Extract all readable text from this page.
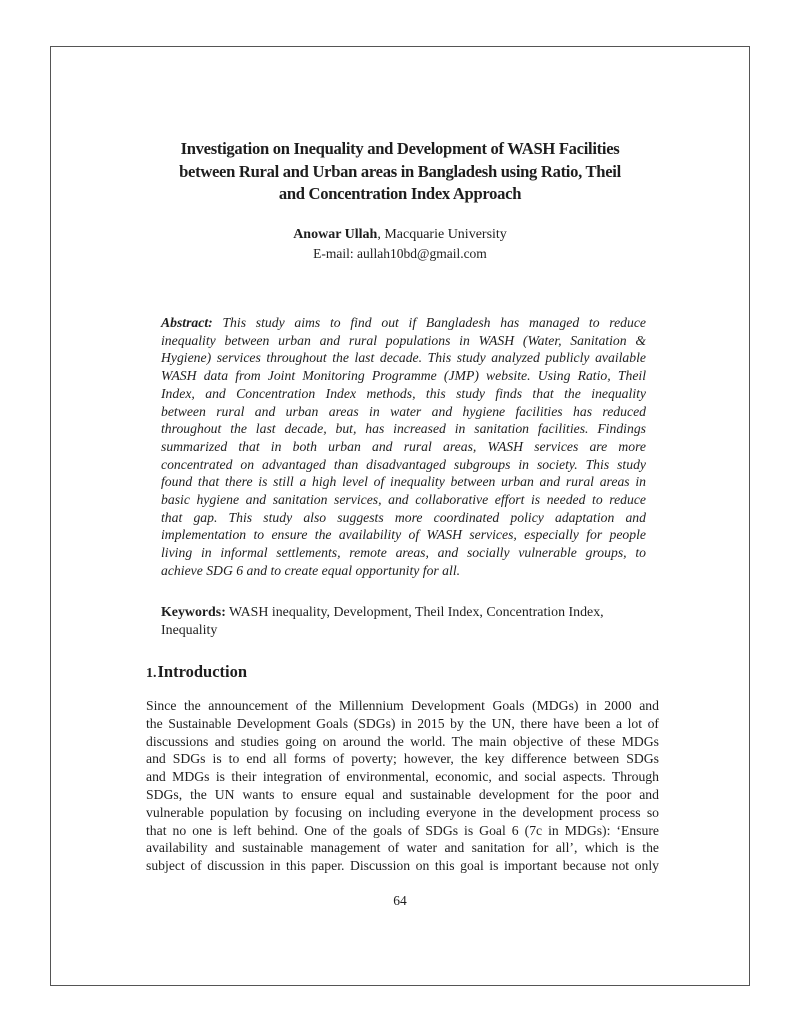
Investigation on Inequality and Development of WASH Facilities
between Rural and Urban areas in Bangladesh using Ratio, Theil
and Concentration Index Approach
Anowar Ullah, Macquarie University
E-mail: aullah10bd@gmail.com

Abstract: This study aims to find out if Bangladesh has managed to reduce
inequality between urban and rural populations in WASH (Water, Sanitation &
Hygiene) services throughout the last decade. This study analyzed publicly available
WASH data from Joint Monitoring Programme (JMP) website. Using Ratio, Theil
Index, and Concentration Index methods, this study finds that the inequality
between rural and urban areas in water and hygiene facilities has reduced
throughout the last decade, but, has increased in sanitation facilities. Findings
summarized that in both urban and rural areas, WASH services are more
concentrated on advantaged than disadvantaged subgroups in society. This study
found that there is still a high level of inequality between urban and rural areas in
basic hygiene and sanitation services, and collaborative effort is needed to reduce
that gap. This study also suggests more coordinated policy adaptation and
implementation to ensure the availability of WASH services, especially for people
living in informal settlements, remote areas, and socially vulnerable groups, to
achieve SDG 6 and to create equal opportunity for all.

Keywords: WASH inequality, Development, Theil Index, Concentration Index, Inequality

1.Introduction

Since the announcement of the Millennium Development Goals (MDGs) in 2000 and
the Sustainable Development Goals (SDGs) in 2015 by the UN, there have been a lot of
discussions and studies going on around the world. The main objective of these MDGs
and SDGs is to end all forms of poverty; however, the key difference between SDGs
and MDGs is their integration of environmental, economic, and social aspects. Through
SDGs, the UN wants to ensure equal and sustainable development for the poor and
vulnerable population by focusing on including everyone in the development process so
that no one is left behind. One of the goals of SDGs is Goal 6 (7c in MDGs): ‘Ensure
availability and sustainable management of water and sanitation for all’, which is the
subject of discussion in this paper. Discussion on this goal is important because not only

64
